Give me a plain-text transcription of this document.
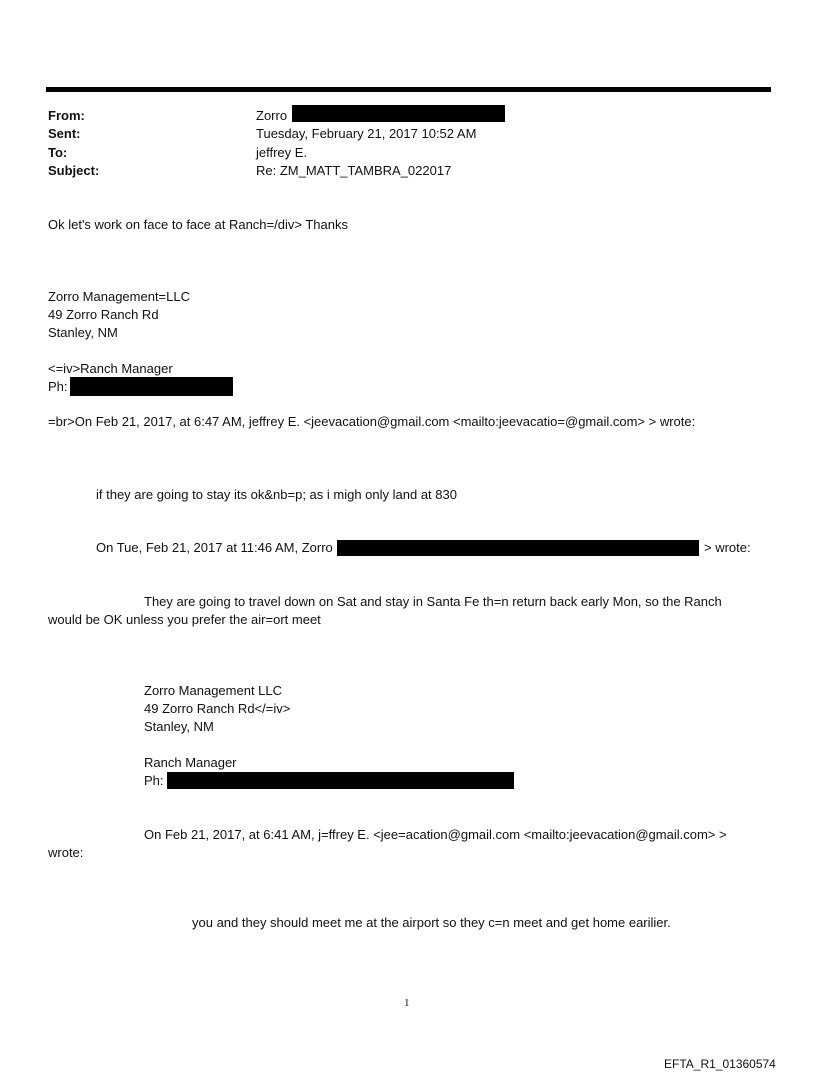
From:	Zorro
Sent:	Tuesday, February 21, 2017 10:52 AM
To:	jeffrey E.
Subject:	Re: ZM_MATT_TAMBRA_022017
Ok let's work on face to face at Ranch=/div> Thanks
Zorro Management=LLC
49 Zorro Ranch Rd
Stanley, NM
<=iv>Ranch Manager
Ph:
=br>On Feb 21, 2017, at 6:47 AM, jeffrey E. <jeevacation@gmail.com <mailto:jeevacatio=@gmail.com> > wrote:
if they are going to stay its ok&nb=p; as i migh only land at 830
On Tue, Feb 21, 2017 at 11:46 AM, Zorro	> wrote:
They are going to travel down on Sat and stay in Santa Fe th=n return back early Mon, so the Ranch
would be OK unless you prefer the air=ort meet
Zorro Management LLC
49 Zorro Ranch Rd</=iv>
Stanley, NM
Ranch Manager
Ph:
On Feb 21, 2017, at 6:41 AM, j=ffrey E. <jee=acation@gmail.com <mailto:jeevacation@gmail.com> >
wrote:
you and they should meet me at the airport so they c=n meet and get home earilier.
1
EFTA_R1_01360574
